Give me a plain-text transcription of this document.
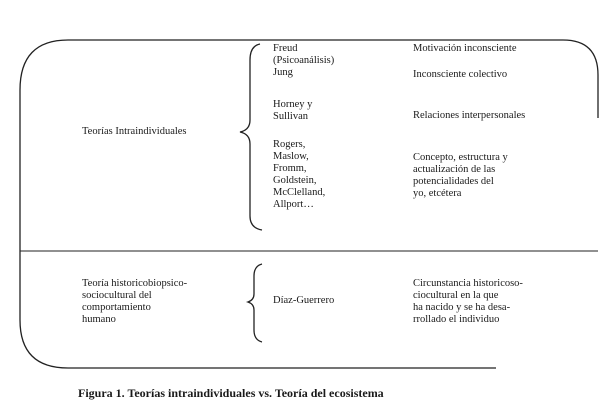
Teorías Intraindividuales
Freud
(Psicoanálisis)
Jung
Motivación inconsciente
Inconsciente colectivo
Horney y
Sullivan	Relaciones interpersonales
Rogers,
Maslow,
Fromm,
Goldstein,
McClelland,
Allport…
Concepto, estructura y
actualización de las
potencialidades del
yo, etcétera
Teoría historicobiopsico-
sociocultural del
comportamiento
humano
Díaz-Guerrero
Circunstancia historicoso-
ciocultural en la que
ha nacido y se ha desa-
rrollado el individuo
Figura 1. Teorías intraindividuales vs. Teoría del ecosistema
